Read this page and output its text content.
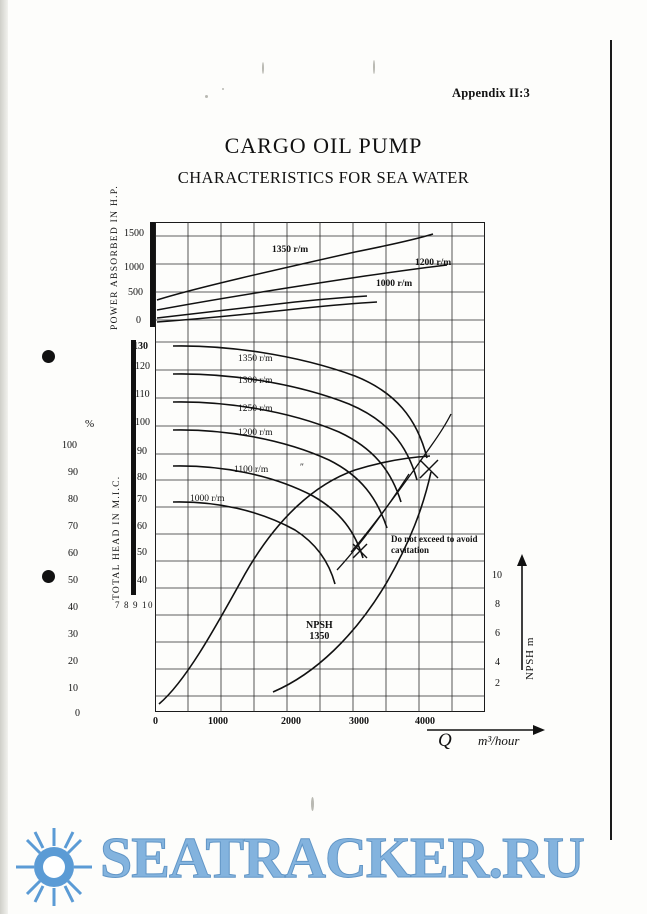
Appendix II:3
CARGO OIL PUMP
CHARACTERISTICS FOR SEA WATER
POWER ABSORBED IN H.P.
TOTAL HEAD IN M.I.C.
NPSH m
%
100
90
80
70
60
50
40
30
20
10
0
1500
1000
500
0
130
120
110
100
90
80
70
60
50
40
7 8 9 1 0
10
8
6
4
2
0	1000	2000	3000	4000
1350 r/m
1200 r/m
1000 r/m
1350 r/m
1300 r/m
1250 r/m
1200 r/m
1100 r/m
1000 r/m
″
Do not exceed to avoid cavitation
NPSH
1350
Q m³/hour
SEATRACKER.RU
